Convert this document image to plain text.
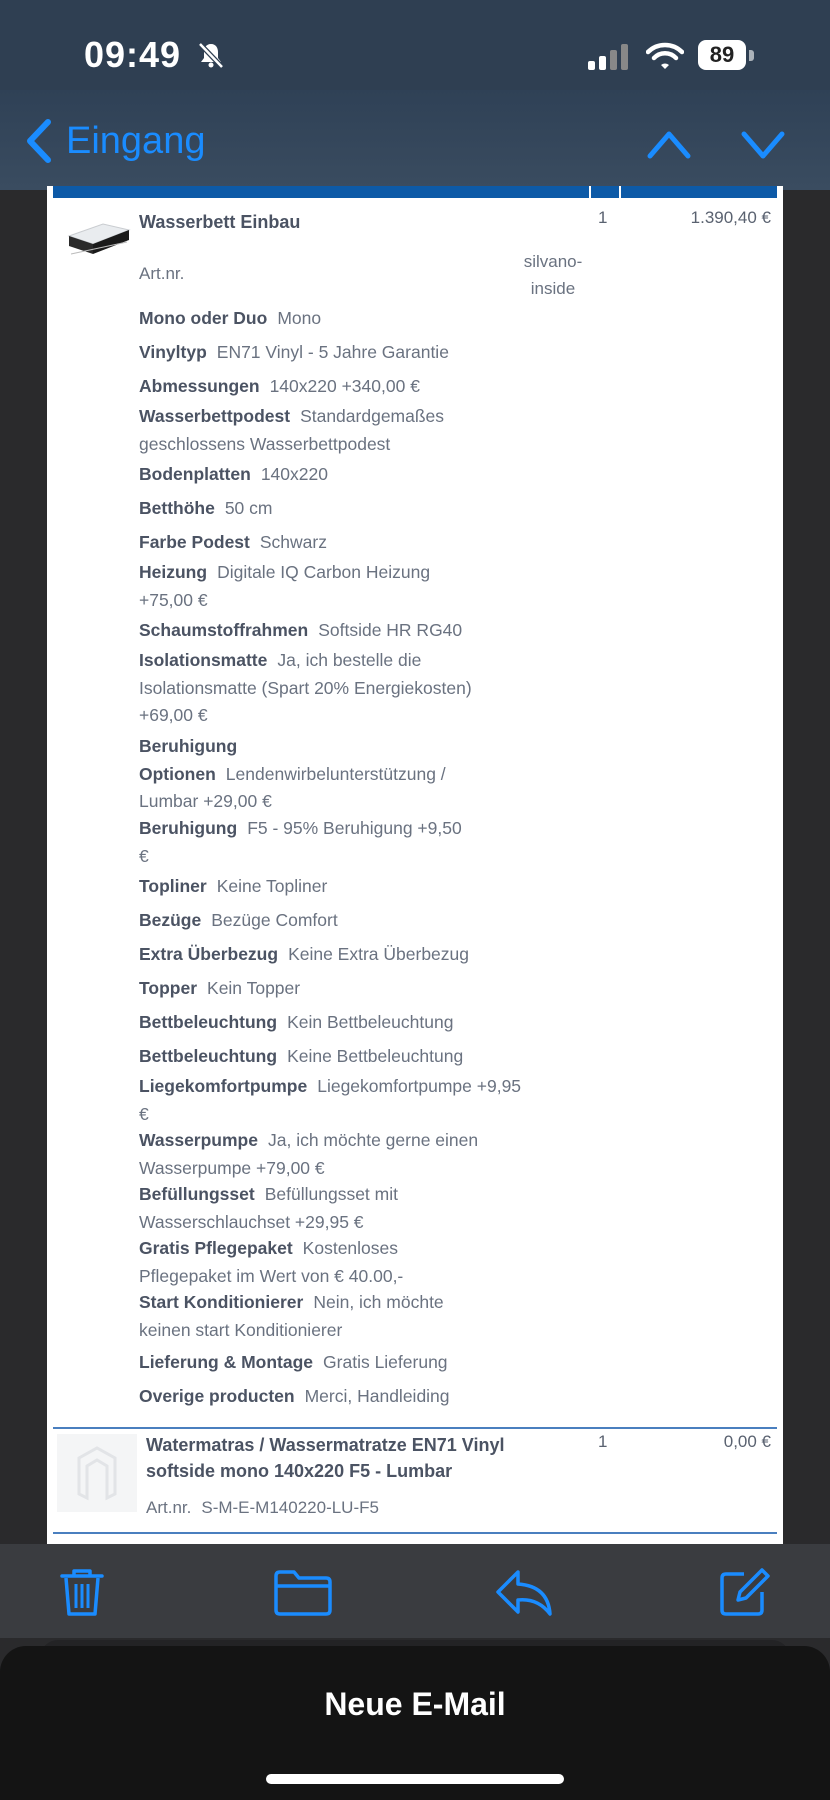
09:49	89
Eingang
Wasserbett Einbau	1	1.390,40 €
Art.nr.
silvano-
inside
Mono oder Duo Mono
Vinyltyp EN71 Vinyl - 5 Jahre Garantie
Abmessungen 140x220 +340,00 €
Wasserbettpodest Standardgemaßes geschlossens Wasserbettpodest
Bodenplatten 140x220
Betthöhe 50 cm
Farbe Podest Schwarz
Heizung Digitale IQ Carbon Heizung +75,00 €
Schaumstoffrahmen Softside HR RG40
Isolationsmatte Ja, ich bestelle die Isolationsmatte (Spart 20% Energiekosten) +69,00 €
Beruhigung Optionen Lendenwirbelunterstützung / Lumbar +29,00 €
Beruhigung F5 - 95% Beruhigung +9,50 €
Topliner Keine Topliner
Bezüge Bezüge Comfort
Extra Überbezug Keine Extra Überbezug
Topper Kein Topper
Bettbeleuchtung Kein Bettbeleuchtung
Bettbeleuchtung Keine Bettbeleuchtung
Liegekomfortpumpe Liegekomfortpumpe +9,95 €
Wasserpumpe Ja, ich möchte gerne einen Wasserpumpe +79,00 €
Befüllungsset Befüllungsset mit Wasserschlauchset +29,95 €
Gratis Pflegepaket Kostenloses Pflegepaket im Wert von € 40.00,-
Start Konditionierer Nein, ich möchte keinen start Konditionierer
Lieferung & Montage Gratis Lieferung
Overige producten Merci, Handleiding
Watermatras / Wassermatratze EN71 Vinyl softside mono 140x220 F5 - Lumbar
1	0,00 €
Art.nr. S-M-E-M140220-LU-F5
Neue E-Mail
